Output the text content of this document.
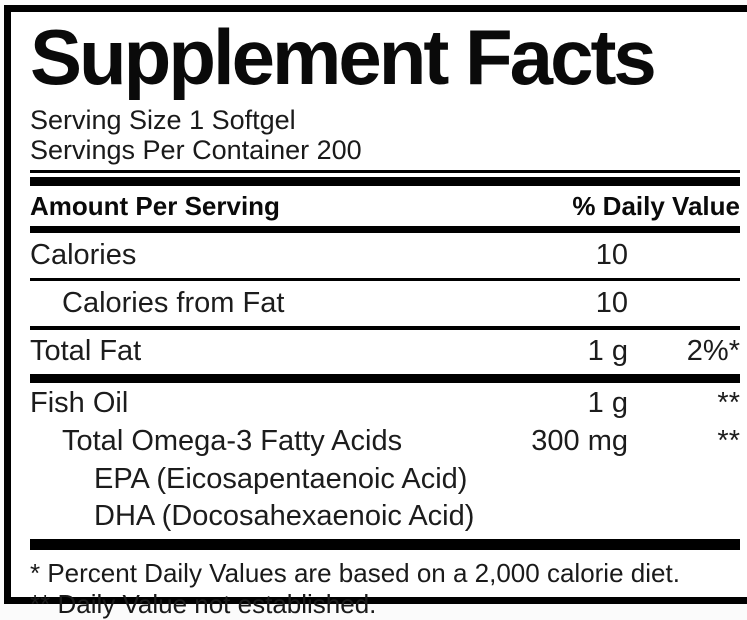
Supplement Facts
Serving Size 1 Softgel
Servings Per Container 200
Amount Per Serving	% Daily Value
Calories	10
Calories from Fat	10
Total Fat	1 g	2%*
Fish Oil	1 g	**
Total Omega-3 Fatty Acids	300 mg	**
EPA (Eicosapentaenoic Acid)
DHA (Docosahexaenoic Acid)
* Percent Daily Values are based on a 2,000 calorie diet.
** Daily Value not established.
